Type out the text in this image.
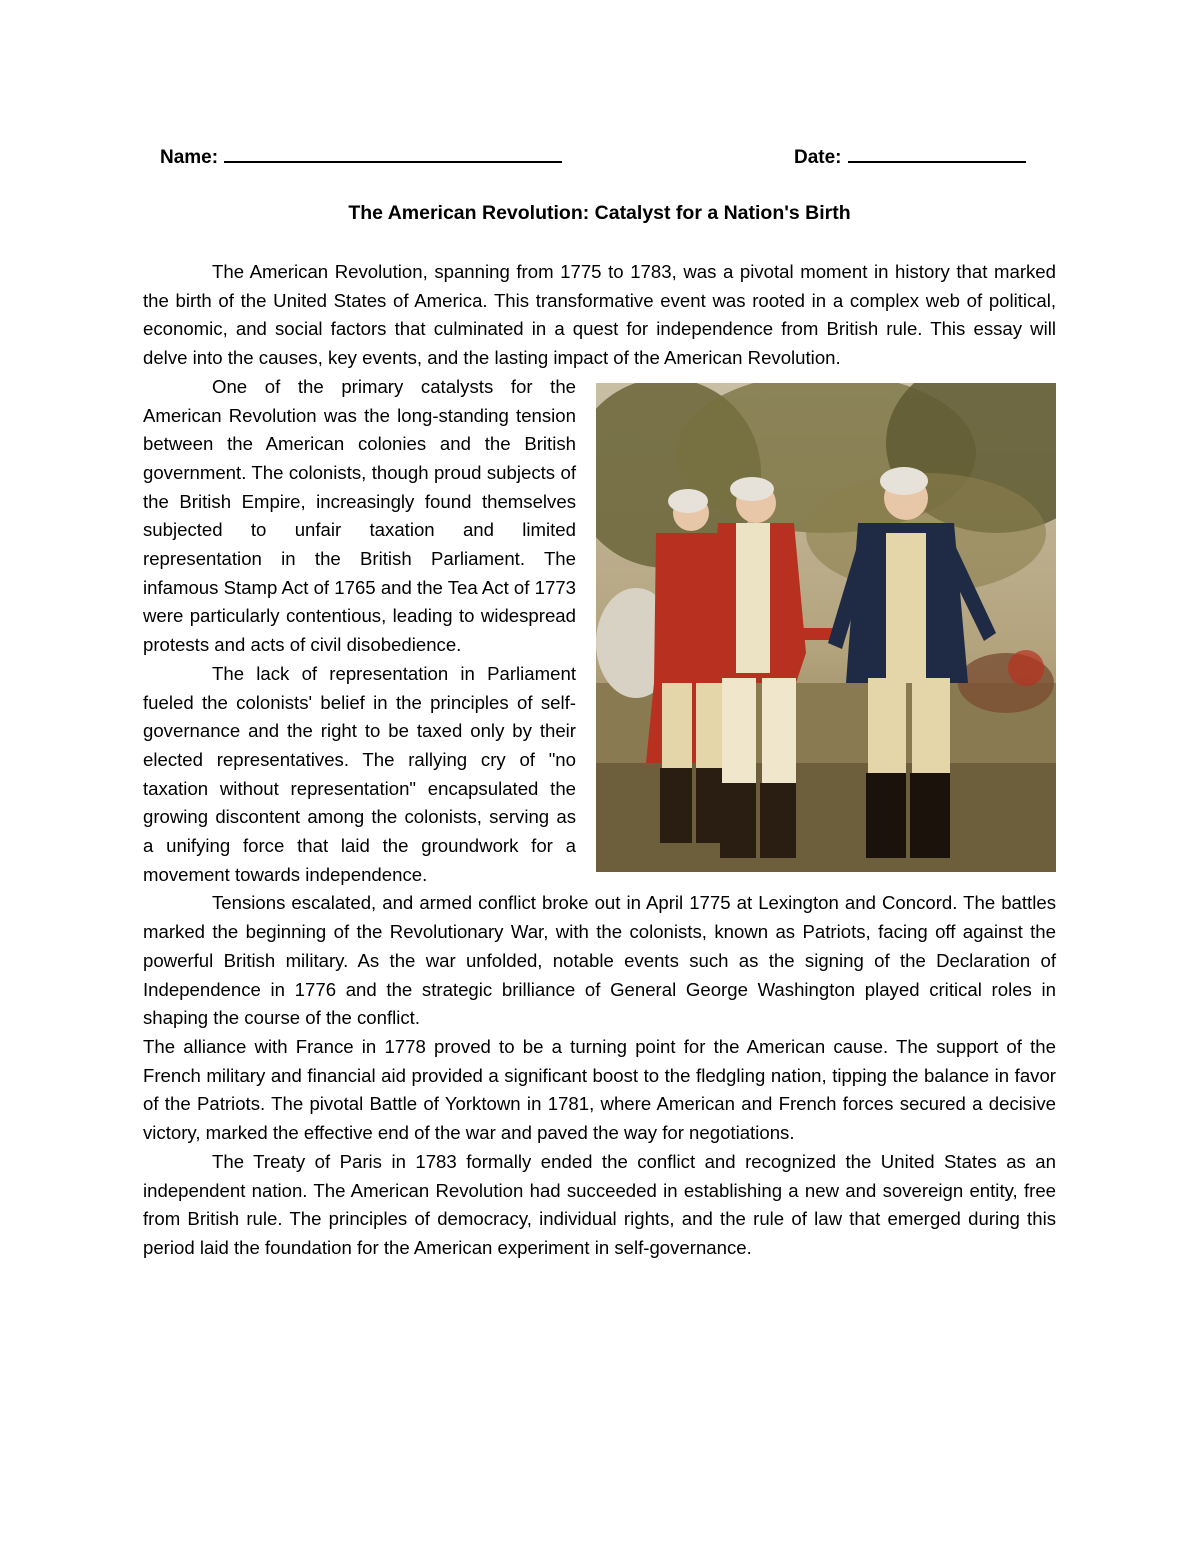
Name:	Date:
The American Revolution: Catalyst for a Nation's Birth

The American Revolution, spanning from 1775 to 1783, was a pivotal moment in history that marked the birth of the United States of America. This transformative event was rooted in a complex web of political, economic, and social factors that culminated in a quest for independence from British rule. This essay will delve into the causes, key events, and the lasting impact of the American Revolution.

One of the primary catalysts for the American Revolution was the long-standing tension between the American colonies and the British government. The colonists, though proud subjects of the British Empire, increasingly found themselves subjected to unfair taxation and limited representation in the British Parliament. The infamous Stamp Act of 1765 and the Tea Act of 1773 were particularly contentious, leading to widespread protests and acts of civil disobedience.

The lack of representation in Parliament fueled the colonists' belief in the principles of self-governance and the right to be taxed only by their elected representatives. The rallying cry of "no taxation without representation" encapsulated the growing discontent among the colonists, serving as a unifying force that laid the groundwork for a movement towards independence.

Tensions escalated, and armed conflict broke out in April 1775 at Lexington and Concord. The battles marked the beginning of the Revolutionary War, with the colonists, known as Patriots, facing off against the powerful British military. As the war unfolded, notable events such as the signing of the Declaration of Independence in 1776 and the strategic brilliance of General George Washington played critical roles in shaping the course of the conflict.

The alliance with France in 1778 proved to be a turning point for the American cause. The support of the French military and financial aid provided a significant boost to the fledgling nation, tipping the balance in favor of the Patriots. The pivotal Battle of Yorktown in 1781, where American and French forces secured a decisive victory, marked the effective end of the war and paved the way for negotiations.

The Treaty of Paris in 1783 formally ended the conflict and recognized the United States as an independent nation. The American Revolution had succeeded in establishing a new and sovereign entity, free from British rule. The principles of democracy, individual rights, and the rule of law that emerged during this period laid the foundation for the American experiment in self-governance.
